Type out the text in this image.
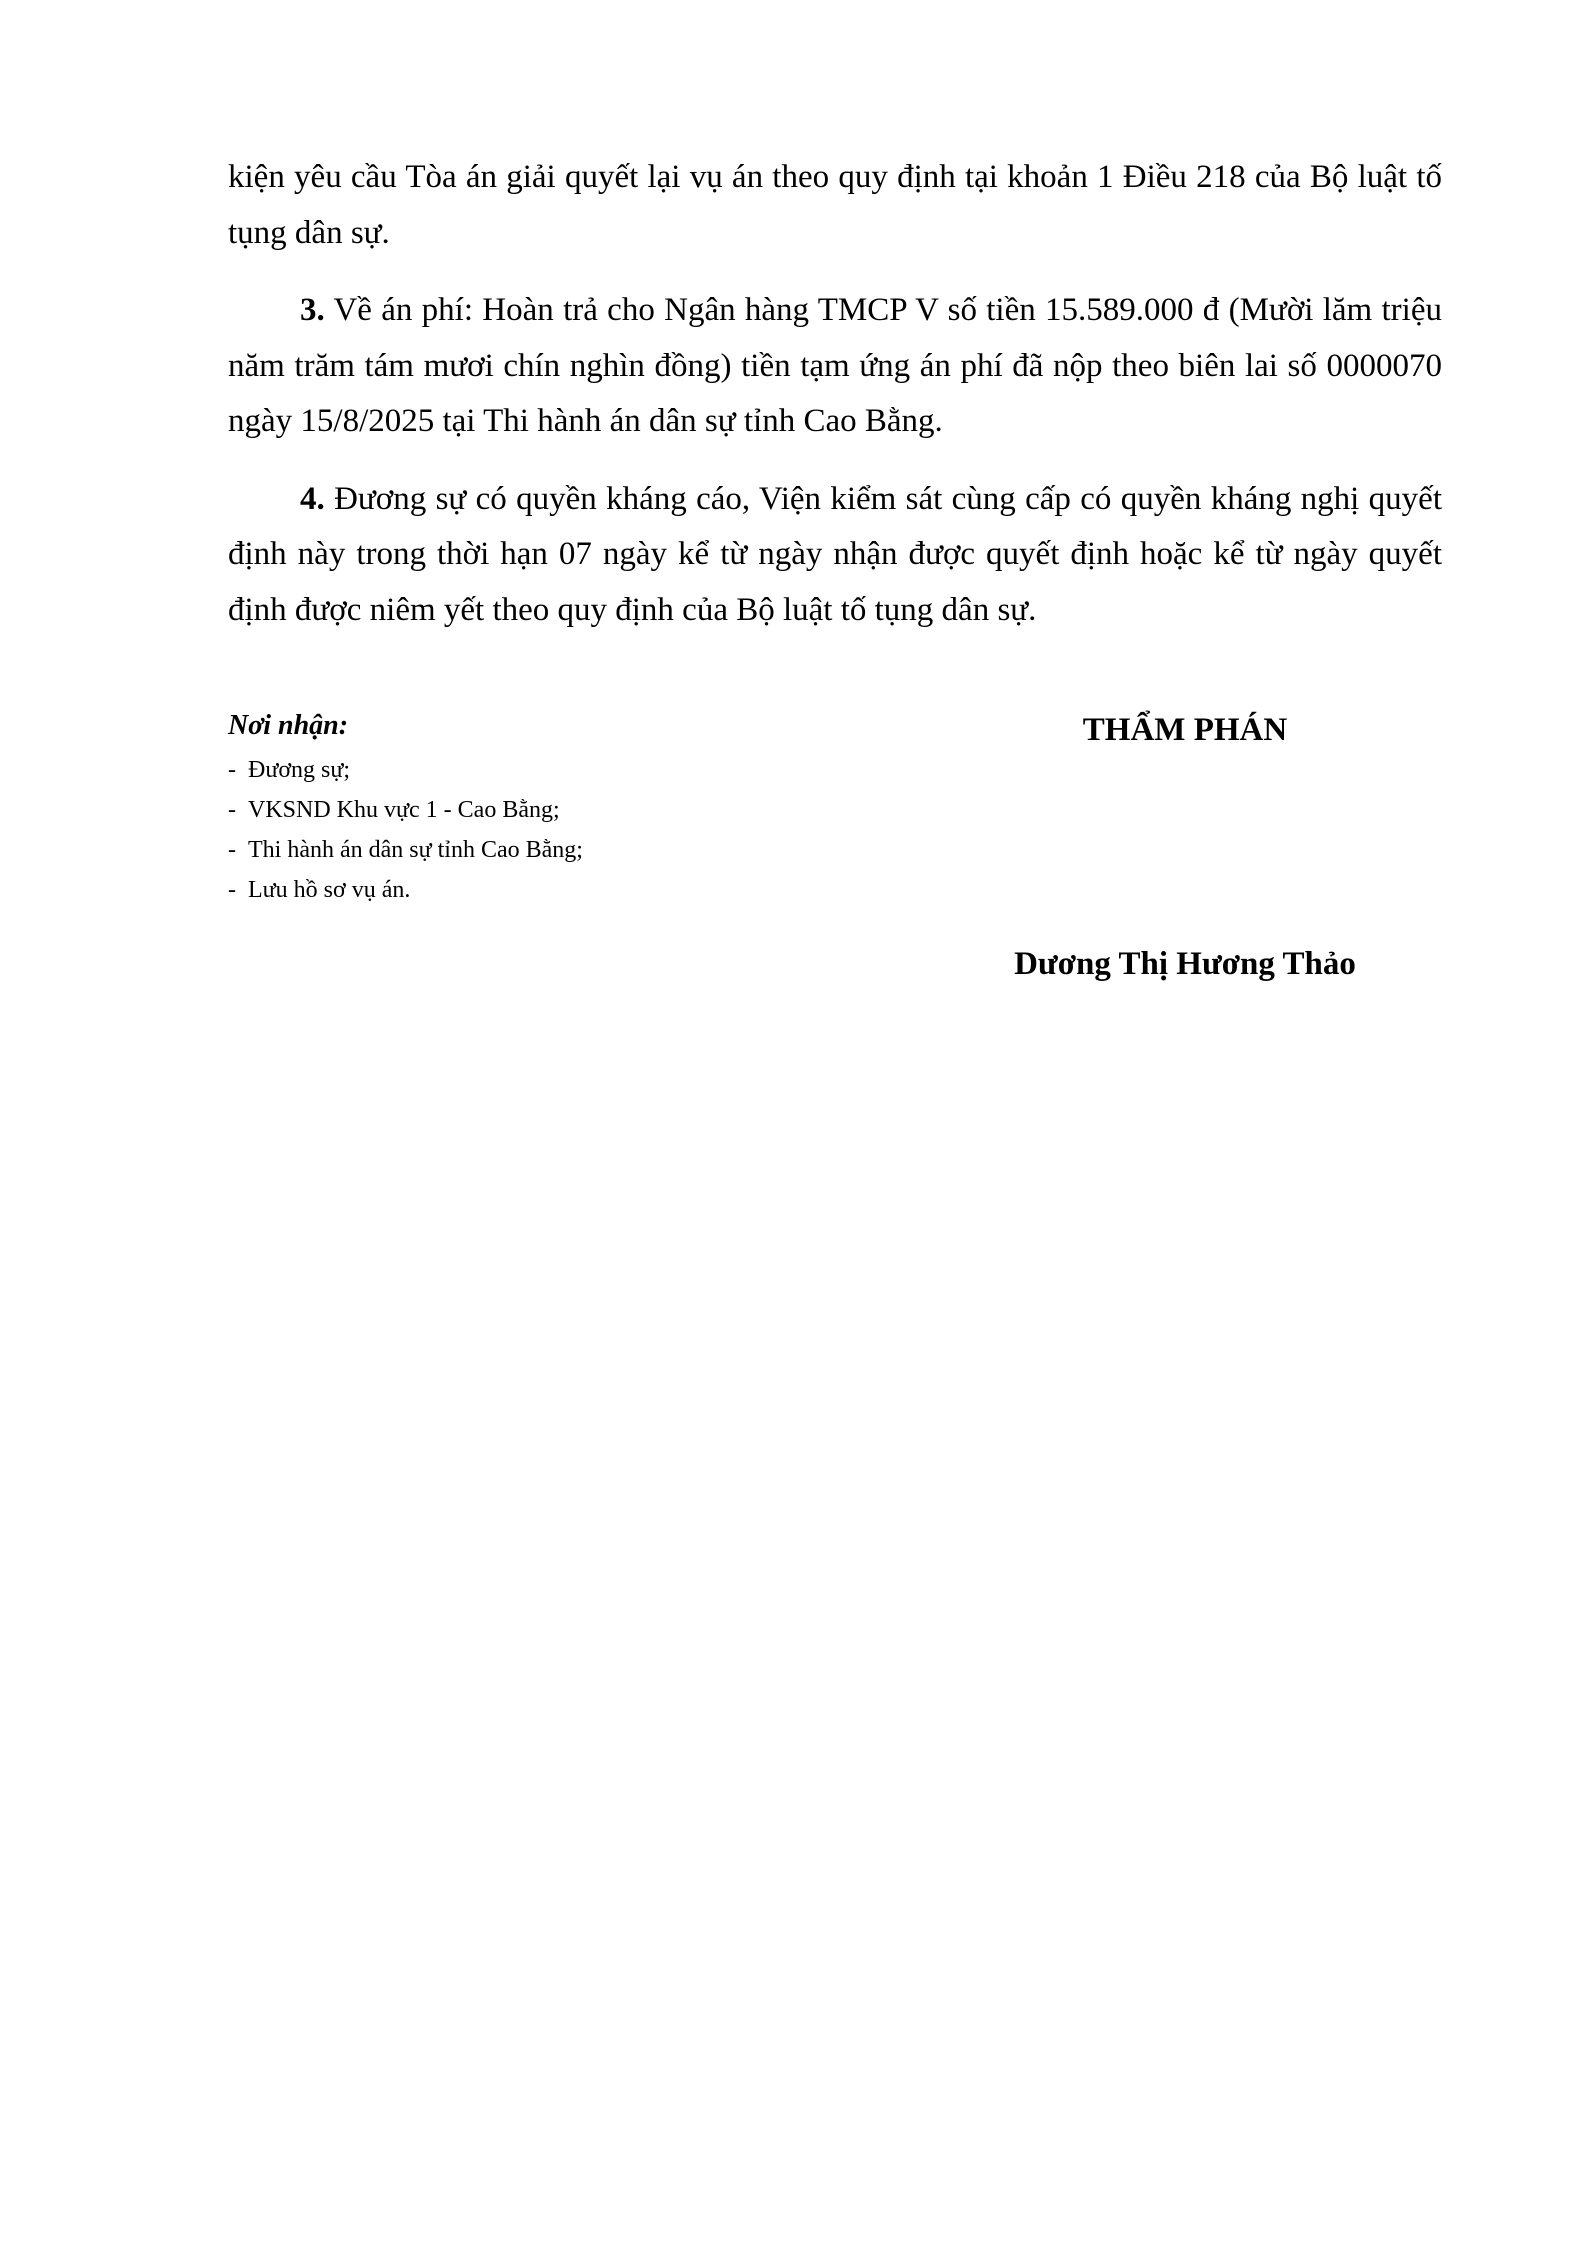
kiện yêu cầu Tòa án giải quyết lại vụ án theo quy định tại khoản 1 Điều 218 của Bộ luật tố tụng dân sự.

3. Về án phí: Hoàn trả cho Ngân hàng TMCP V số tiền 15.589.000 đ (Mười lăm triệu năm trăm tám mươi chín nghìn đồng) tiền tạm ứng án phí đã nộp theo biên lai số 0000070 ngày 15/8/2025 tại Thi hành án dân sự tỉnh Cao Bằng.

4. Đương sự có quyền kháng cáo, Viện kiểm sát cùng cấp có quyền kháng nghị quyết định này trong thời hạn 07 ngày kể từ ngày nhận được quyết định hoặc kể từ ngày quyết định được niêm yết theo quy định của Bộ luật tố tụng dân sự.

Nơi nhận:

- Đương sự;
- VKSND Khu vực 1 - Cao Bằng;
- Thi hành án dân sự tỉnh Cao Bằng;
- Lưu hồ sơ vụ án.
THẨM PHÁN
Dương Thị Hương Thảo
